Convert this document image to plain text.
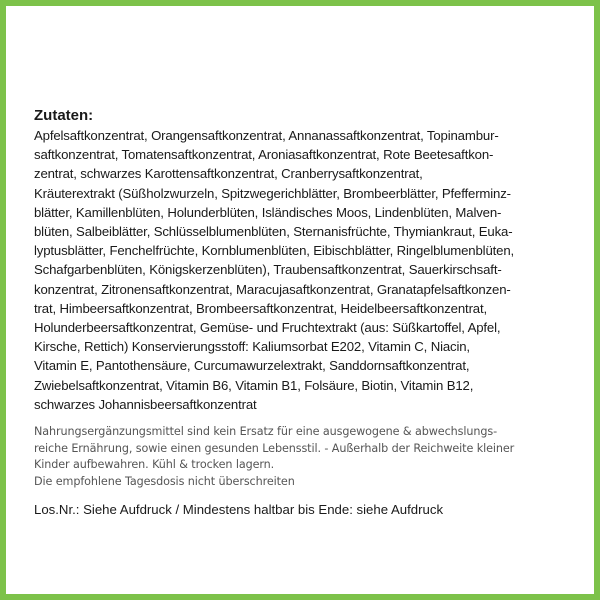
Zutaten:

Apfelsaftkonzentrat, Orangensaftkonzentrat, Annanassaftkonzentrat, Topinambur-
saftkonzentrat, Tomatensaftkonzentrat, Aroniasaftkonzentrat, Rote Beetesaftkon-
zentrat, schwarzes Karottensaftkonzentrat, Cranberrysaftkonzentrat,
Kräuterextrakt (Süßholzwurzeln, Spitzwegerichblätter, Brombeerblätter, Pfefferminz-
blätter, Kamillenblüten, Holunderblüten, Isländisches Moos, Lindenblüten, Malven-
blüten, Salbeiblätter, Schlüsselblumenblüten, Sternanisfrüchte, Thymiankraut, Euka-
lyptusblätter, Fenchelfrüchte, Kornblumenblüten, Eibischblätter, Ringelblumenblüten,
Schafgarbenblüten, Königskerzenblüten), Traubensaftkonzentrat, Sauerkirschsaft-
konzentrat, Zitronensaftkonzentrat, Maracujasaftkonzentrat, Granatapfelsaftkonzen-
trat, Himbeersaftkonzentrat, Brombeersaftkonzentrat, Heidelbeersaftkonzentrat,
Holunderbeersaftkonzentrat, Gemüse- und Fruchtextrakt (aus: Süßkartoffel, Apfel,
Kirsche, Rettich) Konservierungsstoff: Kaliumsorbat E202, Vitamin C, Niacin,
Vitamin E, Pantothensäure, Curcumawurzelextrakt, Sanddornsaftkonzentrat,
Zwiebelsaftkonzentrat, Vitamin B6, Vitamin B1, Folsäure, Biotin, Vitamin B12,
schwarzes Johannisbeersaftkonzentrat
Nahrungsergänzungsmittel sind kein Ersatz für eine ausgewogene & abwechslungs-
reiche Ernährung, sowie einen gesunden Lebensstil. - Außerhalb der Reichweite kleiner
Kinder aufbewahren. Kühl & trocken lagern.
Die empfohlene Tagesdosis nicht überschreiten
Los.Nr.: Siehe Aufdruck / Mindestens haltbar bis Ende: siehe Aufdruck
